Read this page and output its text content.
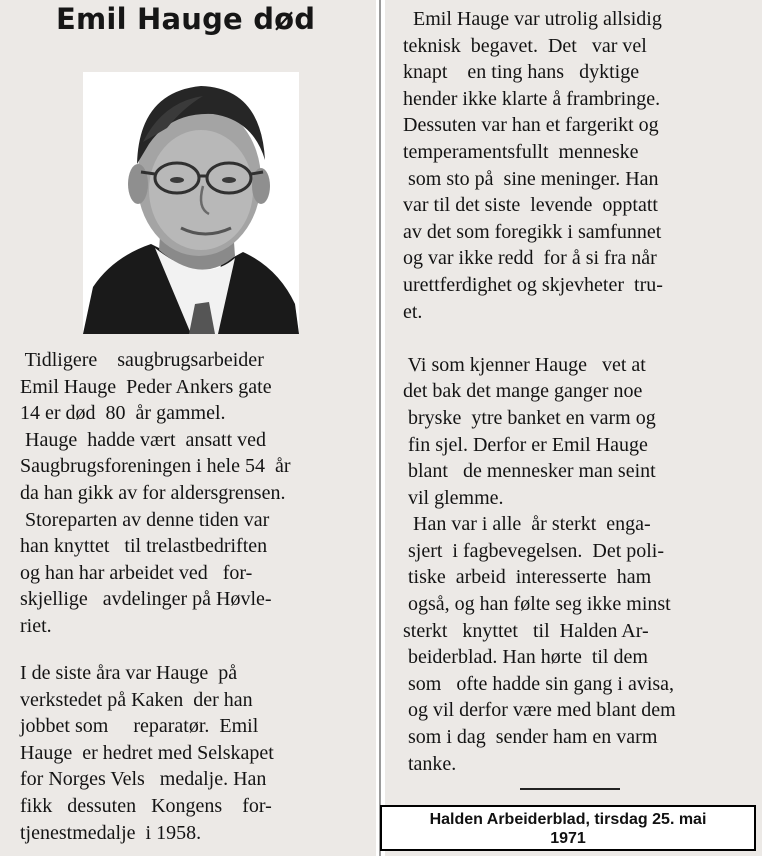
Emil Hauge død
Tidligere    saugbrugsarbeider
Emil Hauge  Peder Ankers gate
14 er død  80  år gammel.
Hauge  hadde vært  ansatt ved
Saugbrugsforeningen i hele 54  år
da han gikk av for aldersgrensen.
Storeparten av denne tiden var
han knyttet   til trelastbedriften
og han har arbeidet ved   for-
skjellige   avdelinger på Høvle-
riet.
I de siste åra var Hauge  på
verkstedet på Kaken  der han
jobbet som     reparatør.  Emil
Hauge  er hedret med Selskapet
for Norges Vels   medalje. Han
fikk   dessuten   Kongens    for-
tjenestmedalje  i 1958.
Emil Hauge var utrolig allsidig
teknisk  begavet.  Det   var vel
knapt    en ting hans   dyktige
hender ikke klarte å frambringe.
Dessuten var han et fargerikt og
temperamentsfullt  menneske
som sto på  sine meninger. Han
var til det siste  levende  opptatt
av det som foregikk i samfunnet
og var ikke redd  for å si fra når
urettferdighet og skjevheter  tru-
et.

Vi som kjenner Hauge   vet at
det bak det mange ganger noe
bryske  ytre banket en varm og
fin sjel. Derfor er Emil Hauge
blant   de mennesker man seint
vil glemme.
Han var i alle  år sterkt  enga-
sjert  i fagbevegelsen.  Det poli-
tiske  arbeid  interesserte  ham
også, og han følte seg ikke minst
sterkt   knyttet   til  Halden Ar-
beiderblad. Han hørte  til dem
som   ofte hadde sin gang i avisa,
og vil derfor være med blant dem
som i dag  sender ham en varm
tanke.
Halden Arbeiderblad, tirsdag 25. mai
1971
